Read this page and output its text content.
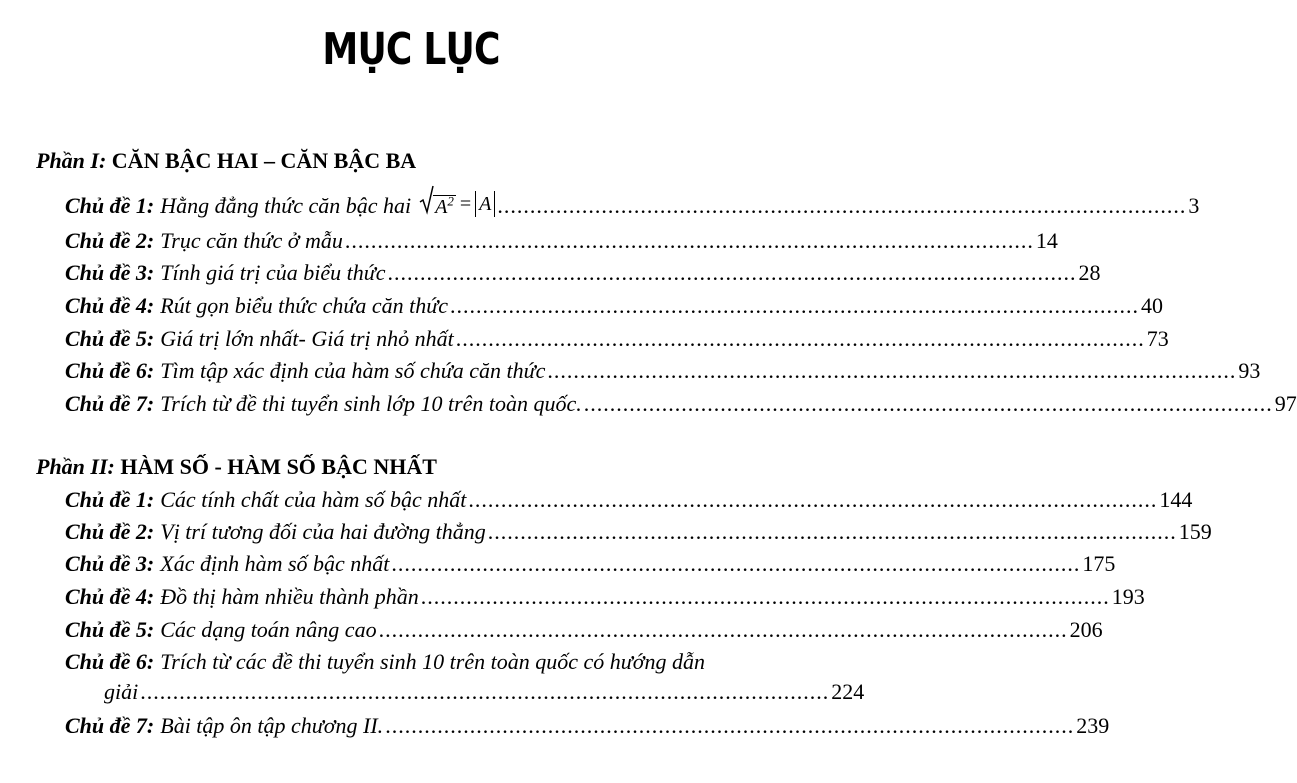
MỤC LỤC
Phần I: CĂN BẬC HAI – CĂN BẬC BA
Chủ đề 1: Hằng đẳng thức căn bậc hai	$A^2 = A$ .......................................................................................................... 3
Chủ đề 2: Trục căn thức ở mẫu .......................................................................................................... 14
Chủ đề 3: Tính giá trị của biểu thức .......................................................................................................... 28
Chủ đề 4: Rút gọn biểu thức chứa căn thức .......................................................................................................... 40
Chủ đề 5: Giá trị lớn nhất- Giá trị nhỏ nhất .......................................................................................................... 73
Chủ đề 6: Tìm tập xác định của hàm số chứa căn thức .......................................................................................................... 93
Chủ đề 7: Trích từ đề thi tuyển sinh lớp 10 trên toàn quốc. .......................................................................................................... 97
Phần II: HÀM SỐ - HÀM SỐ BẬC NHẤT
Chủ đề 1: Các tính chất của hàm số bậc nhất .......................................................................................................... 144
Chủ đề 2: Vị trí tương đối của hai đường thẳng .......................................................................................................... 159
Chủ đề 3: Xác định hàm số bậc nhất .......................................................................................................... 175
Chủ đề 4: Đồ thị hàm nhiều thành phần .......................................................................................................... 193
Chủ đề 5: Các dạng toán nâng cao .......................................................................................................... 206
Chủ đề 6: Trích từ các đề thi tuyển sinh 10 trên toàn quốc có hướng dẫn
giải .......................................................................................................... 224
Chủ đề 7: Bài tập ôn tập chương II. .......................................................................................................... 239
